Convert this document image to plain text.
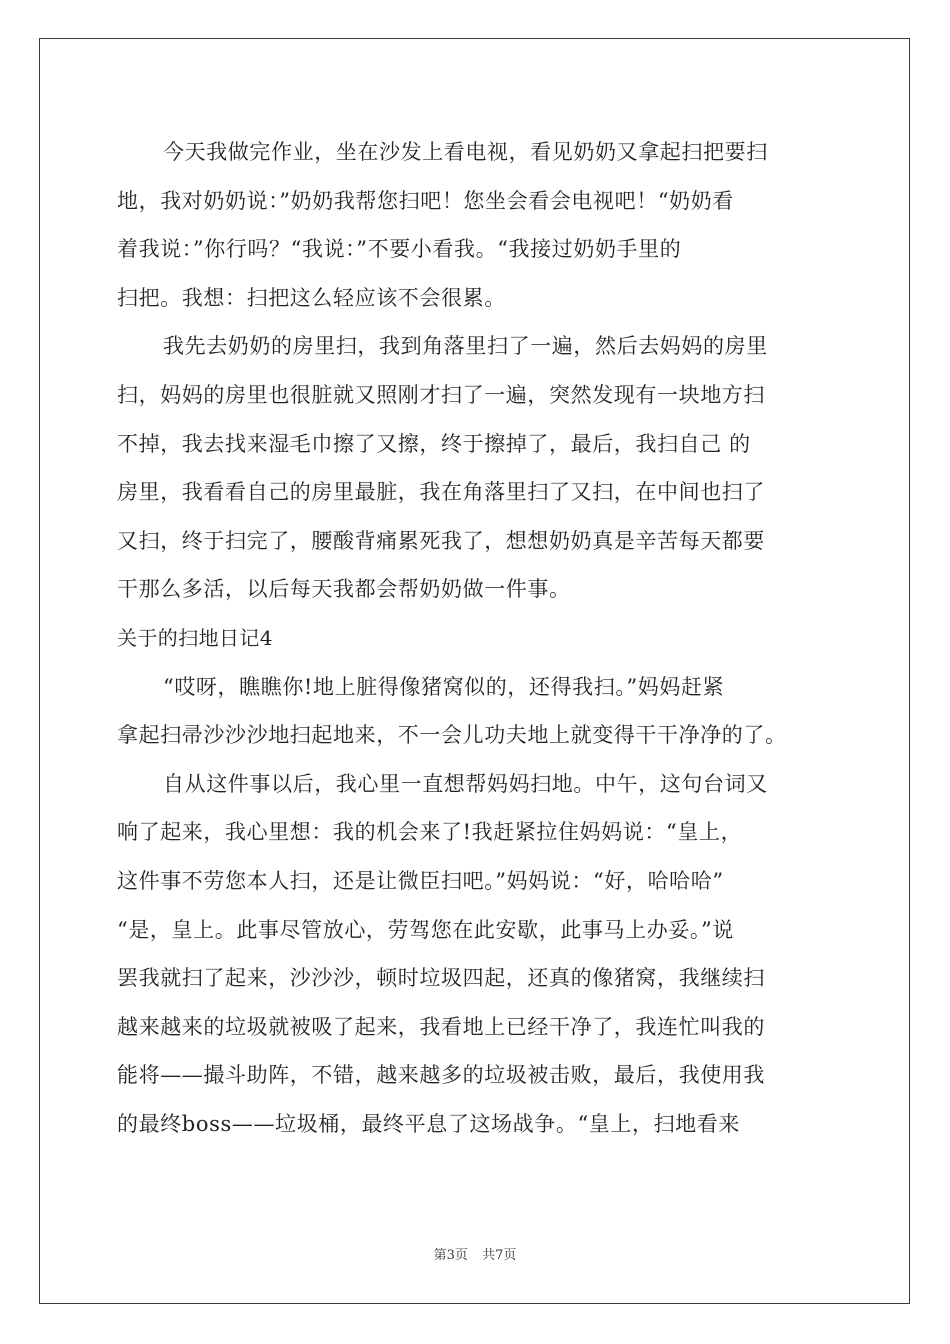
今天我做完作业，坐在沙发上看电视，看见奶奶又拿起扫把要扫
地，我对奶奶说：”奶奶我帮您扫吧！您坐会看会电视吧！“奶奶看
着我说：”你行吗？“我说：”不要小看我。“我接过奶奶手里的
扫把。我想：扫把这么轻应该不会很累。
我先去奶奶的房里扫，我到角落里扫了一遍，然后去妈妈的房里
扫，妈妈的房里也很脏就又照刚才扫了一遍，突然发现有一块地方扫
不掉，我去找来湿毛巾擦了又擦，终于擦掉了，最后，我扫自己 的
房里，我看看自己的房里最脏，我在角落里扫了又扫，在中间也扫了
又扫，终于扫完了，腰酸背痛累死我了，想想奶奶真是辛苦每天都要
干那么多活，以后每天我都会帮奶奶做一件事。
关于的扫地日记4
“哎呀，瞧瞧你!地上脏得像猪窝似的，还得我扫。”妈妈赶紧
拿起扫帚沙沙沙地扫起地来，不一会儿功夫地上就变得干干净净的了。
自从这件事以后，我心里一直想帮妈妈扫地。中午，这句台词又
响了起来，我心里想：我的机会来了!我赶紧拉住妈妈说：“皇上，
这件事不劳您本人扫，还是让微臣扫吧。”妈妈说：“好，哈哈哈”
“是，皇上。此事尽管放心，劳驾您在此安歇，此事马上办妥。”说
罢我就扫了起来，沙沙沙，顿时垃圾四起，还真的像猪窝，我继续扫
越来越来的垃圾就被吸了起来，我看地上已经干净了，我连忙叫我的
能将——撮斗助阵，不错，越来越多的垃圾被击败，最后，我使用我
的最终boss——垃圾桶，最终平息了这场战争。“皇上，扫地看来
第3页 共7页
